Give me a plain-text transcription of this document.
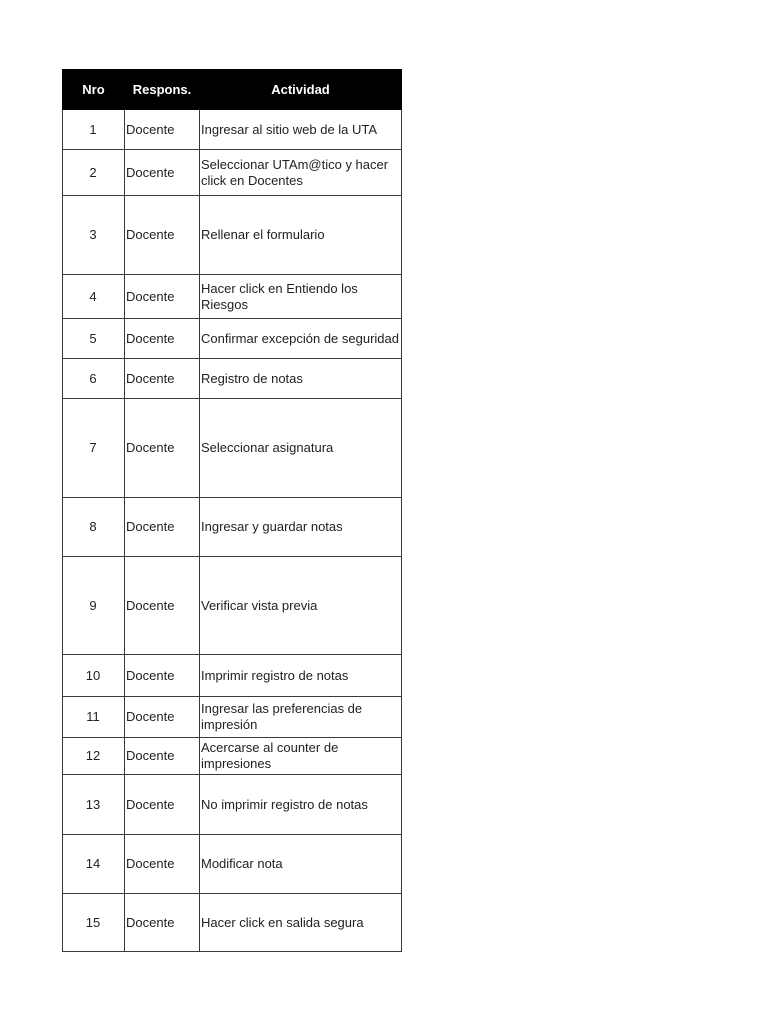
Nro	Respons.	Actividad
1	Docente	Ingresar al sitio web de la UTA
2	Docente	Seleccionar UTAm@tico y hacer click en Docentes
3	Docente	Rellenar el formulario
4	Docente	Hacer click en Entiendo los Riesgos
5	Docente	Confirmar excepción de seguridad
6	Docente	Registro de notas
7	Docente	Seleccionar asignatura
8	Docente	Ingresar y guardar notas
9	Docente	Verificar vista previa
10	Docente	Imprimir registro de notas
11	Docente	Ingresar las preferencias de impresión
12	Docente	Acercarse al counter de impresiones
13	Docente	No imprimir registro de notas
14	Docente	Modificar nota
15	Docente	Hacer click en salida segura
